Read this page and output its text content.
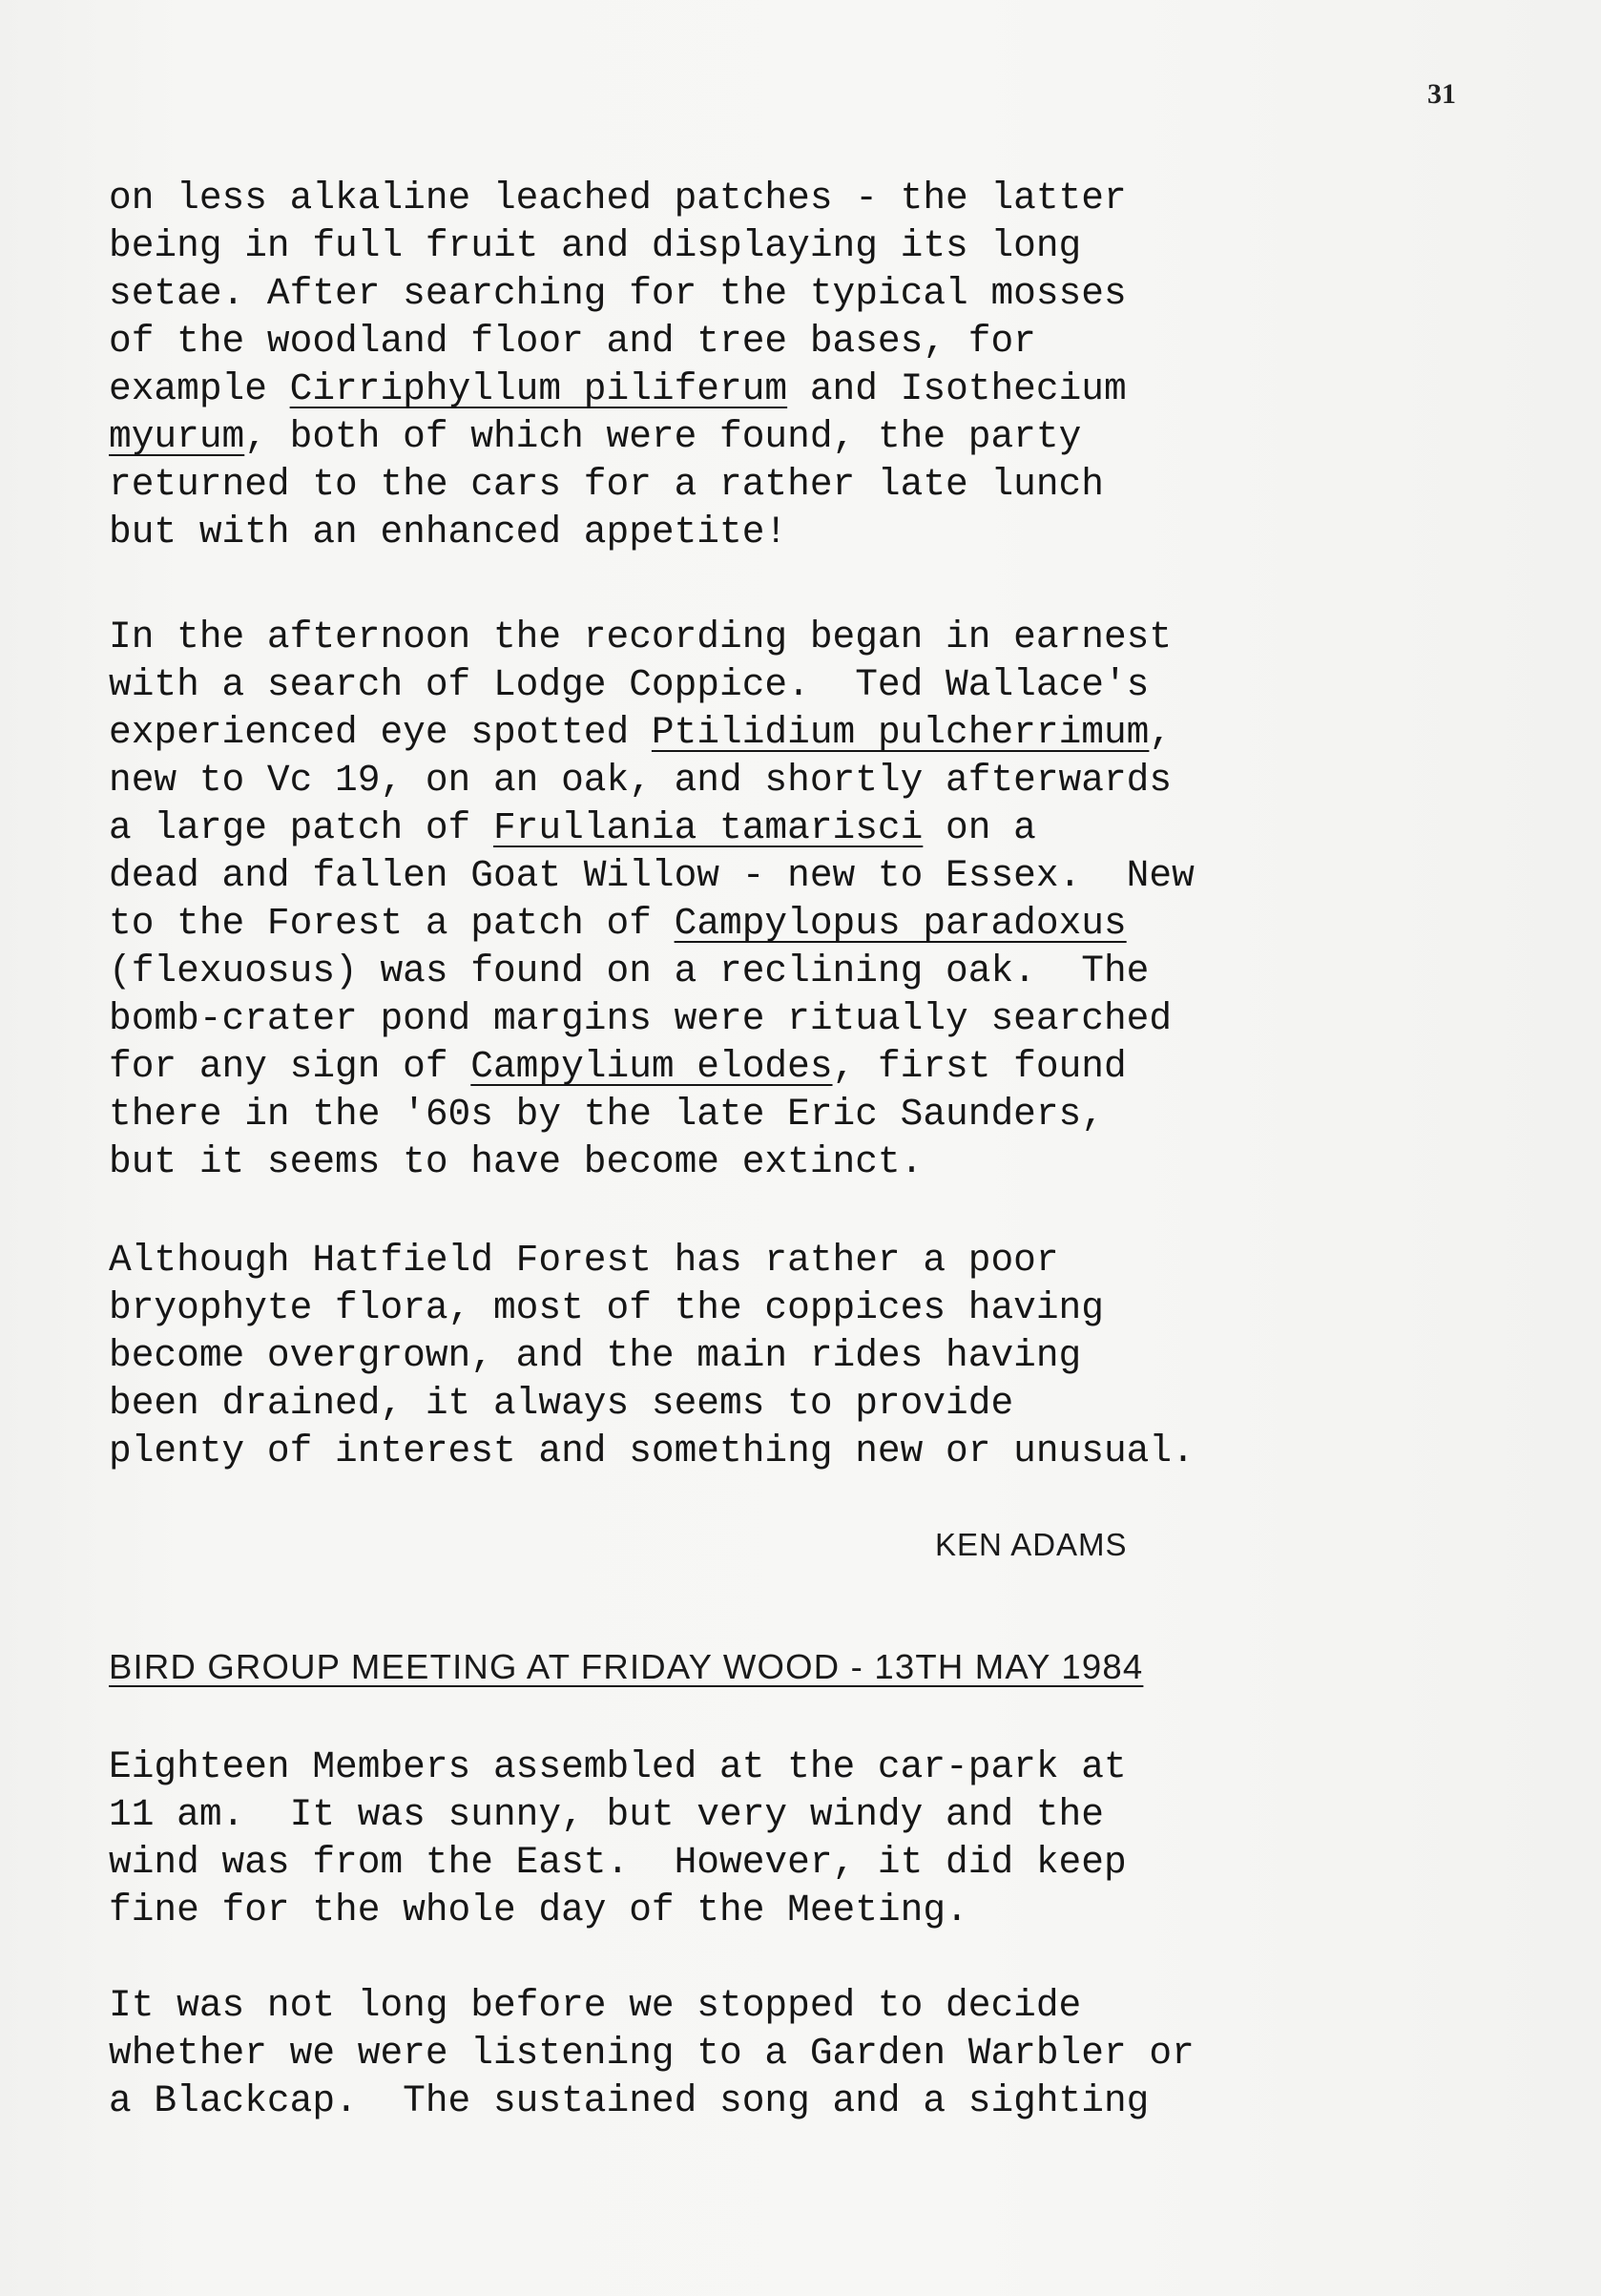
31

on less alkaline leached patches - the latter
being in full fruit and displaying its long
setae. After searching for the typical mosses
of the woodland floor and tree bases, for
example Cirriphyllum piliferum and Isothecium
myurum, both of which were found, the party
returned to the cars for a rather late lunch
but with an enhanced appetite!

In the afternoon the recording began in earnest
with a search of Lodge Coppice.  Ted Wallace's
experienced eye spotted Ptilidium pulcherrimum,
new to Vc 19, on an oak, and shortly afterwards
a large patch of Frullania tamarisci on a
dead and fallen Goat Willow - new to Essex.  New
to the Forest a patch of Campylopus paradoxus
(flexuosus) was found on a reclining oak.  The
bomb-crater pond margins were ritually searched
for any sign of Campylium elodes, first found
there in the '60s by the late Eric Saunders,
but it seems to have become extinct.

Although Hatfield Forest has rather a poor
bryophyte flora, most of the coppices having
become overgrown, and the main rides having
been drained, it always seems to provide
plenty of interest and something new or unusual.

KEN ADAMS
BIRD GROUP MEETING AT FRIDAY WOOD - 13TH MAY 1984

Eighteen Members assembled at the car-park at
11 am.  It was sunny, but very windy and the
wind was from the East.  However, it did keep
fine for the whole day of the Meeting.

It was not long before we stopped to decide
whether we were listening to a Garden Warbler or
a Blackcap.  The sustained song and a sighting
